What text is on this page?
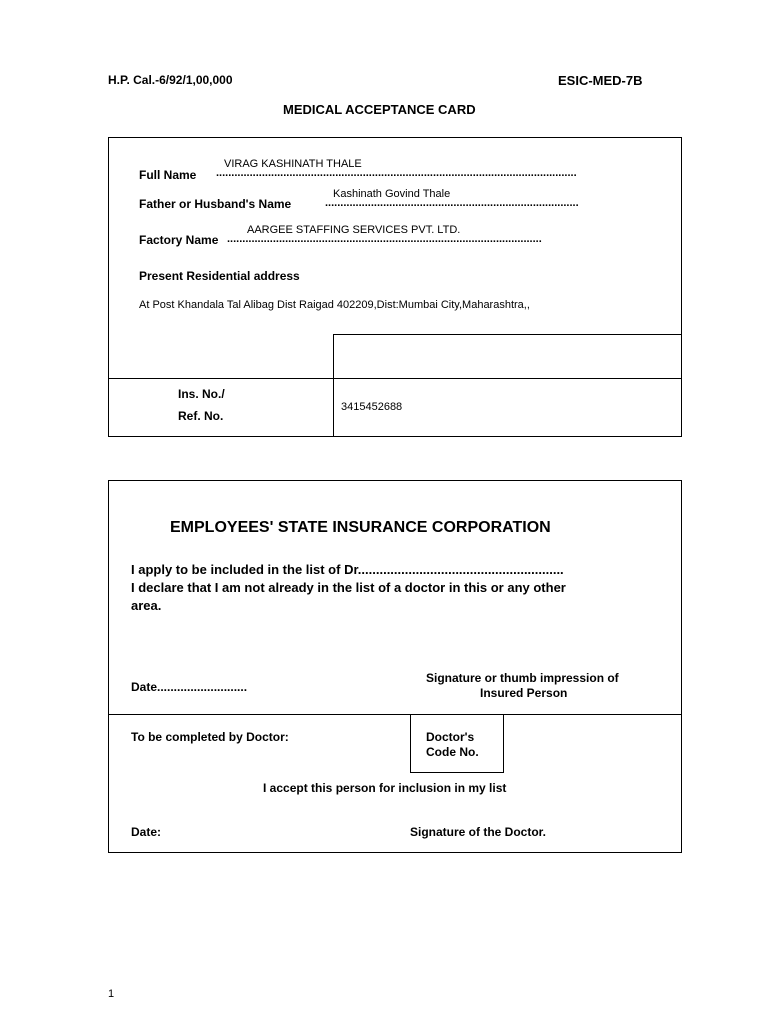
H.P. Cal.-6/92/1,00,000	ESIC-MED-7B
MEDICAL ACCEPTANCE CARD
Full Name
VIRAG KASHINATH THALE
......................................................................................................................
Father or Husband's Name
Kashinath Govind Thale
...................................................................................
Factory Name
AARGEE STAFFING SERVICES PVT. LTD.
.......................................................................................................
Present Residential address
At Post Khandala Tal Alibag Dist Raigad 402209,Dist:Mumbai City,Maharashtra,,
Ins. No./
Ref. No.
3415452688
EMPLOYEES' STATE INSURANCE CORPORATION
I apply to be included in the list of Dr.........................................................
I declare that I am not already in the list of a doctor in this or any other
area.
Date...........................
Signature or thumb impression of
Insured Person
To be completed by Doctor:	Doctor's
Code No.
I accept this person for inclusion in my list
Date:	Signature of the Doctor.
1
